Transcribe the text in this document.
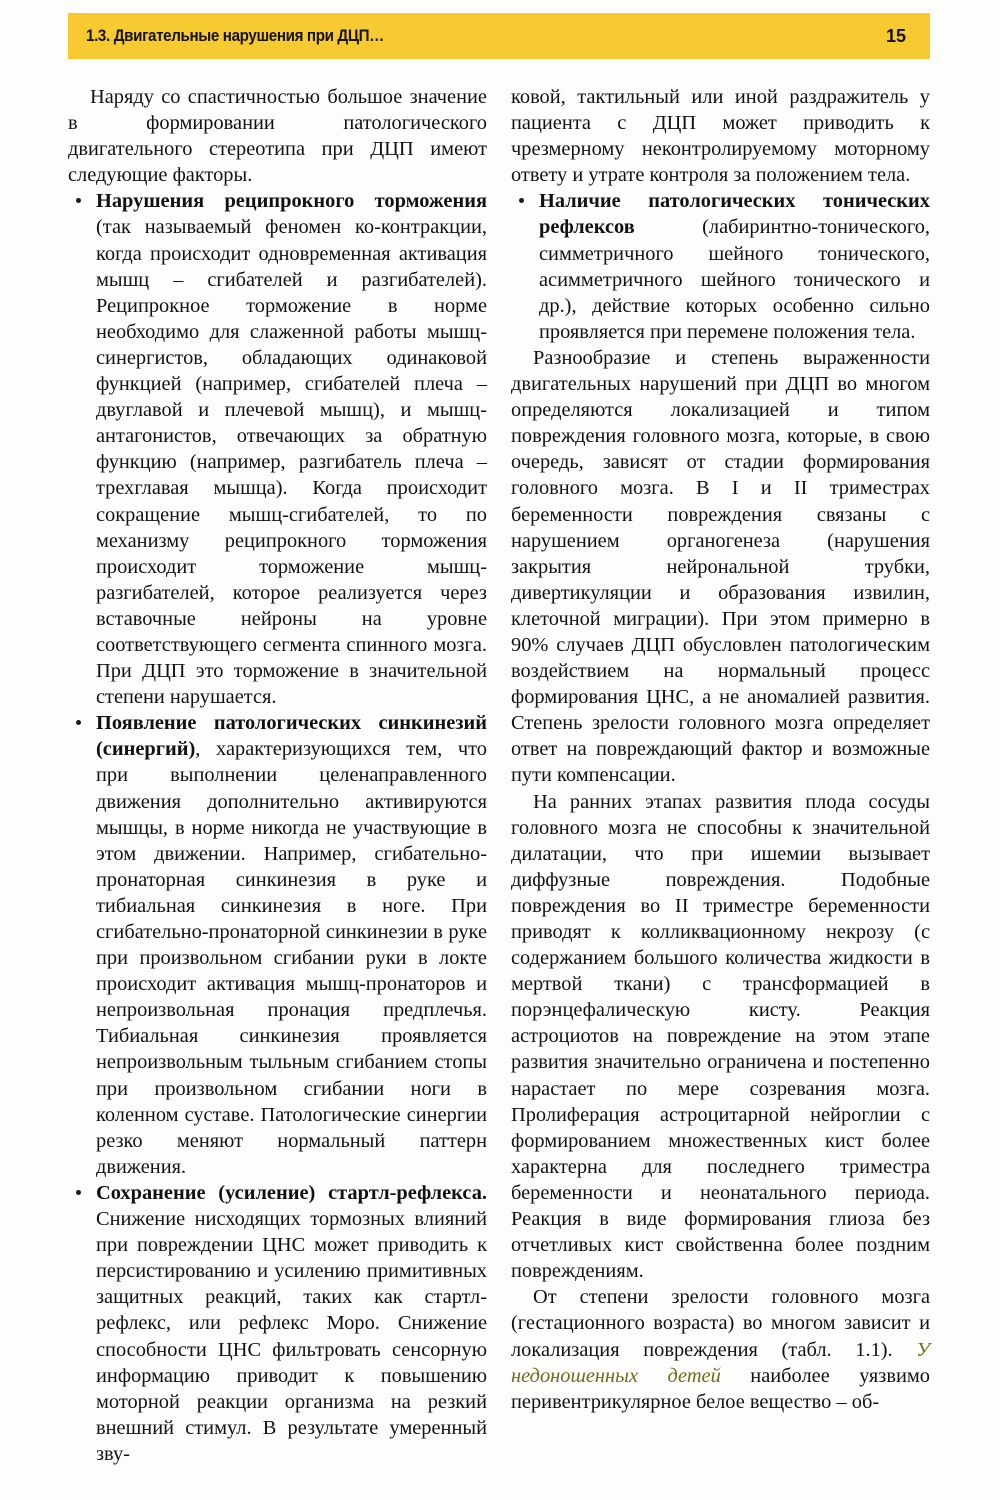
1.3. Двигательные нарушения при ДЦП…	15

Наряду со спастичностью большое значение в формировании патологического двигательного стереотипа при ДЦП имеют следующие факторы.

Нарушения реципрокного торможения (так называемый феномен ко-контракции, когда происходит одновременная активация мышц – сгибателей и разгибателей). Реципрокное торможение в норме необходимо для слаженной работы мышц-синергистов, обладающих одинаковой функцией (например, сгибателей плеча – двуглавой и плечевой мышц), и мышц-антагонистов, отвечающих за обратную функцию (например, разгибатель плеча – трехглавая мышца). Когда происходит сокращение мышц-сгибателей, то по механизму реципрокного торможения происходит торможение мышц-разгибателей, которое реализуется через вставочные нейроны на уровне соответствующего сегмента спинного мозга. При ДЦП это торможение в значительной степени нарушается.
Появление патологических синкинезий (синергий), характеризующихся тем, что при выполнении целенаправленного движения дополнительно активируются мышцы, в норме никогда не участвующие в этом движении. Например, сгибательно-пронаторная синкинезия в руке и тибиальная синкинезия в ноге. При сгибательно-пронаторной синкинезии в руке при произвольном сгибании руки в локте происходит активация мышц-пронаторов и непроизвольная пронация предплечья. Тибиальная синкинезия проявляется непроизвольным тыльным сгибанием стопы при произвольном сгибании ноги в коленном суставе. Патологические синергии резко меняют нормальный паттерн движения.
Сохранение (усиление) стартл-рефлекса. Снижение нисходящих тормозных влияний при повреждении ЦНС может приводить к персистированию и усилению примитивных защитных реакций, таких как стартл-рефлекс, или рефлекс Моро. Снижение способности ЦНС фильтровать сенсорную информацию приводит к повышению моторной реакции организма на резкий внешний стимул. В результате умеренный зву-

ковой, тактильный или иной раздражитель у пациента с ДЦП может приводить к чрезмерному неконтролируемому моторному ответу и утрате контроля за положением тела.

Наличие патологических тонических рефлексов (лабиринтно-тонического, симметричного шейного тонического, асимметричного шейного тонического и др.), действие которых особенно сильно проявляется при перемене положения тела.

Разнообразие и степень выраженности двигательных нарушений при ДЦП во многом определяются локализацией и типом повреждения головного мозга, которые, в свою очередь, зависят от стадии формирования головного мозга. В I и II триместрах беременности повреждения связаны с нарушением органогенеза (нарушения закрытия нейрональной трубки, дивертикуляции и образования извилин, клеточной миграции). При этом примерно в 90% случаев ДЦП обусловлен патологическим воздействием на нормальный процесс формирования ЦНС, а не аномалией развития. Степень зрелости головного мозга определяет ответ на повреждающий фактор и возможные пути компенсации.

На ранних этапах развития плода сосуды головного мозга не способны к значительной дилатации, что при ишемии вызывает диффузные повреждения. Подобные повреждения во II триместре беременности приводят к колликвационному некрозу (с содержанием большого количества жидкости в мертвой ткани) с трансформацией в порэнцефалическую кисту. Реакция астроциотов на повреждение на этом этапе развития значительно ограничена и постепенно нарастает по мере созревания мозга. Пролиферация астроцитарной нейроглии с формированием множественных кист более характерна для последнего триместра беременности и неонатального периода. Реакция в виде формирования глиоза без отчетливых кист свойственна более поздним повреждениям.

От степени зрелости головного мозга (гестационного возраста) во многом зависит и локализация повреждения (табл. 1.1). У недоношенных детей наиболее уязвимо перивентрикулярное белое вещество – об-
